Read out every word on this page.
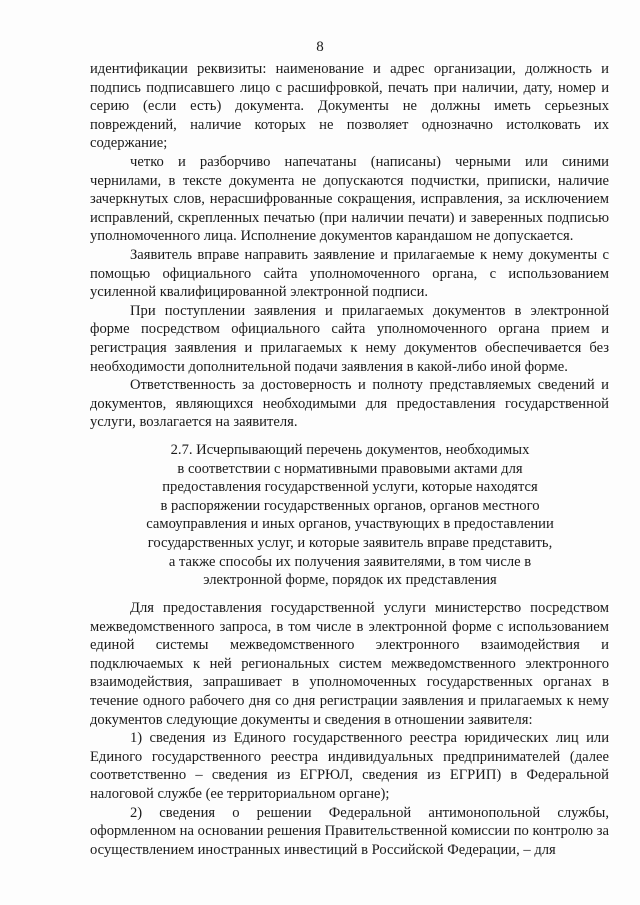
8

идентификации реквизиты: наименование и адрес организации, должность и подпись подписавшего лицо с расшифровкой, печать при наличии, дату, номер и серию (если есть) документа. Документы не должны иметь серьезных повреждений, наличие которых не позволяет однозначно истолковать их содержание;

четко и разборчиво напечатаны (написаны) черными или синими чернилами, в тексте документа не допускаются подчистки, приписки, наличие зачеркнутых слов, нерасшифрованные сокращения, исправления, за исключением исправлений, скрепленных печатью (при наличии печати) и заверенных подписью уполномоченного лица. Исполнение документов карандашом не допускается.

Заявитель вправе направить заявление и прилагаемые к нему документы с помощью официального сайта уполномоченного органа, с использованием усиленной квалифицированной электронной подписи.

При поступлении заявления и прилагаемых документов в электронной форме посредством официального сайта уполномоченного органа прием и регистрация заявления и прилагаемых к нему документов обеспечивается без необходимости дополнительной подачи заявления в какой-либо иной форме.

Ответственность за достоверность и полноту представляемых сведений и документов, являющихся необходимыми для предоставления государственной услуги, возлагается на заявителя.

2.7. Исчерпывающий перечень документов, необходимых
в соответствии с нормативными правовыми актами для
предоставления государственной услуги, которые находятся
в распоряжении государственных органов, органов местного
самоуправления и иных органов, участвующих в предоставлении
государственных услуг, и которые заявитель вправе представить,
а также способы их получения заявителями, в том числе в
электронной форме, порядок их представления

Для предоставления государственной услуги министерство посредством межведомственного запроса, в том числе в электронной форме с использованием единой системы межведомственного электронного взаимодействия и подключаемых к ней региональных систем межведомственного электронного взаимодействия, запрашивает в уполномоченных государственных органах в течение одного рабочего дня со дня регистрации заявления и прилагаемых к нему документов следующие документы и сведения в отношении заявителя:

1) сведения из Единого государственного реестра юридических лиц или Единого государственного реестра индивидуальных предпринимателей (далее соответственно – сведения из ЕГРЮЛ, сведения из ЕГРИП) в Федеральной налоговой службе (ее территориальном органе);

2) сведения о решении Федеральной антимонопольной службы, оформленном на основании решения Правительственной комиссии по контролю за осуществлением иностранных инвестиций в Российской Федерации, – для
